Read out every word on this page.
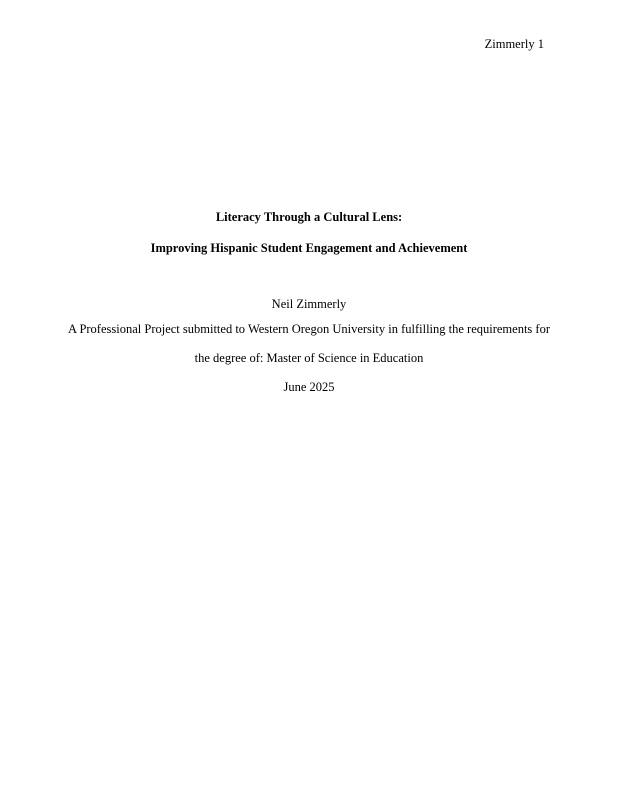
Zimmerly 1
Literacy Through a Cultural Lens:
Improving Hispanic Student Engagement and Achievement
Neil Zimmerly
A Professional Project submitted to Western Oregon University in fulfilling the requirements for
the degree of: Master of Science in Education
June 2025
